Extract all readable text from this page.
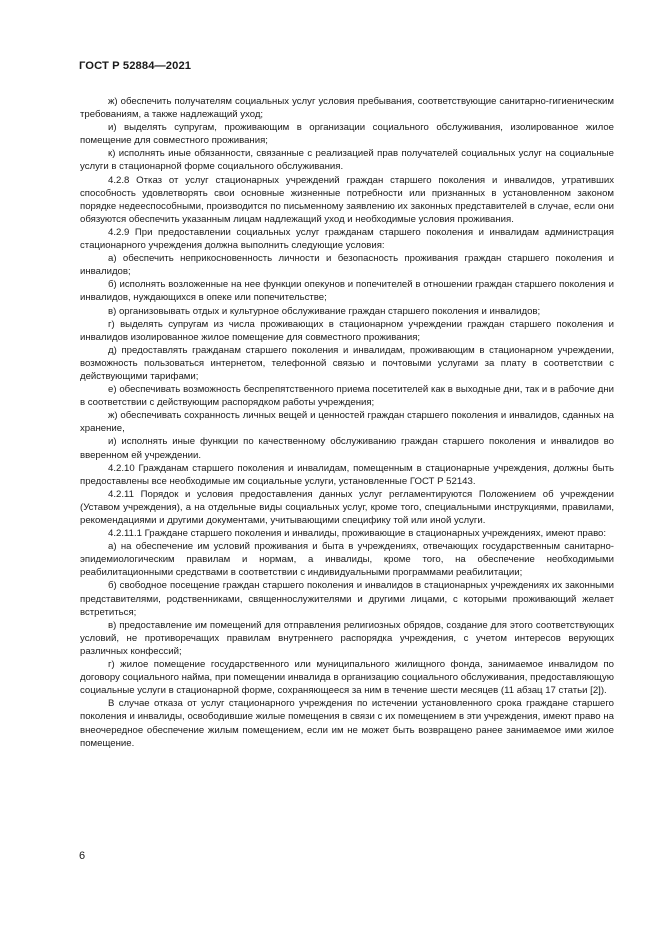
ГОСТ Р 52884—2021

ж) обеспечить получателям социальных услуг условия пребывания, соответствующие санитарно-гигиеническим требованиям, а также надлежащий уход;

и) выделять супругам, проживающим в организации социального обслуживания, изолированное жилое помещение для совместного проживания;

к) исполнять иные обязанности, связанные с реализацией прав получателей социальных услуг на социальные услуги в стационарной форме социального обслуживания.

4.2.8 Отказ от услуг стационарных учреждений граждан старшего поколения и инвалидов, утративших способность удовлетворять свои основные жизненные потребности или признанных в установленном законом порядке недееспособными, производится по письменному заявлению их законных представителей в случае, если они обязуются обеспечить указанным лицам надлежащий уход и необходимые условия проживания.

4.2.9 При предоставлении социальных услуг гражданам старшего поколения и инвалидам администрация стационарного учреждения должна выполнить следующие условия:

а) обеспечить неприкосновенность личности и безопасность проживания граждан старшего поколения и инвалидов;

б) исполнять возложенные на нее функции опекунов и попечителей в отношении граждан старшего поколения и инвалидов, нуждающихся в опеке или попечительстве;

в) организовывать отдых и культурное обслуживание граждан старшего поколения и инвалидов;

г) выделять супругам из числа проживающих в стационарном учреждении граждан старшего поколения и инвалидов изолированное жилое помещение для совместного проживания;

д) предоставлять гражданам старшего поколения и инвалидам, проживающим в стационарном учреждении, возможность пользоваться интернетом, телефонной связью и почтовыми услугами за плату в соответствии с действующими тарифами;

е) обеспечивать возможность беспрепятственного приема посетителей как в выходные дни, так и в рабочие дни в соответствии с действующим распорядком работы учреждения;

ж) обеспечивать сохранность личных вещей и ценностей граждан старшего поколения и инвалидов, сданных на хранение,

и) исполнять иные функции по качественному обслуживанию граждан старшего поколения и инвалидов во вверенном ей учреждении.

4.2.10 Гражданам старшего поколения и инвалидам, помещенным в стационарные учреждения, должны быть предоставлены все необходимые им социальные услуги, установленные ГОСТ Р 52143.

4.2.11 Порядок и условия предоставления данных услуг регламентируются Положением об учреждении (Уставом учреждения), а на отдельные виды социальных услуг, кроме того, специальными инструкциями, правилами, рекомендациями и другими документами, учитывающими специфику той или иной услуги.

4.2.11.1 Граждане старшего поколения и инвалиды, проживающие в стационарных учреждениях, имеют право:

а) на обеспечение им условий проживания и быта в учреждениях, отвечающих государственным санитарно-эпидемиологическим правилам и нормам, а инвалиды, кроме того, на обеспечение необходимыми реабилитационными средствами в соответствии с индивидуальными программами реабилитации;

б) свободное посещение граждан старшего поколения и инвалидов в стационарных учреждениях их законными представителями, родственниками, священнослужителями и другими лицами, с которыми проживающий желает встретиться;

в) предоставление им помещений для отправления религиозных обрядов, создание для этого соответствующих условий, не противоречащих правилам внутреннего распорядка учреждения, с учетом интересов верующих различных конфессий;

г) жилое помещение государственного или муниципального жилищного фонда, занимаемое инвалидом по договору социального найма, при помещении инвалида в организацию социального обслуживания, предоставляющую социальные услуги в стационарной форме, сохраняющееся за ним в течение шести месяцев (11 абзац 17 статьи [2]).

В случае отказа от услуг стационарного учреждения по истечении установленного срока граждане старшего поколения и инвалиды, освободившие жилые помещения в связи с их помещением в эти учреждения, имеют право на внеочередное обеспечение жилым помещением, если им не может быть возвращено ранее занимаемое ими жилое помещение.

6
